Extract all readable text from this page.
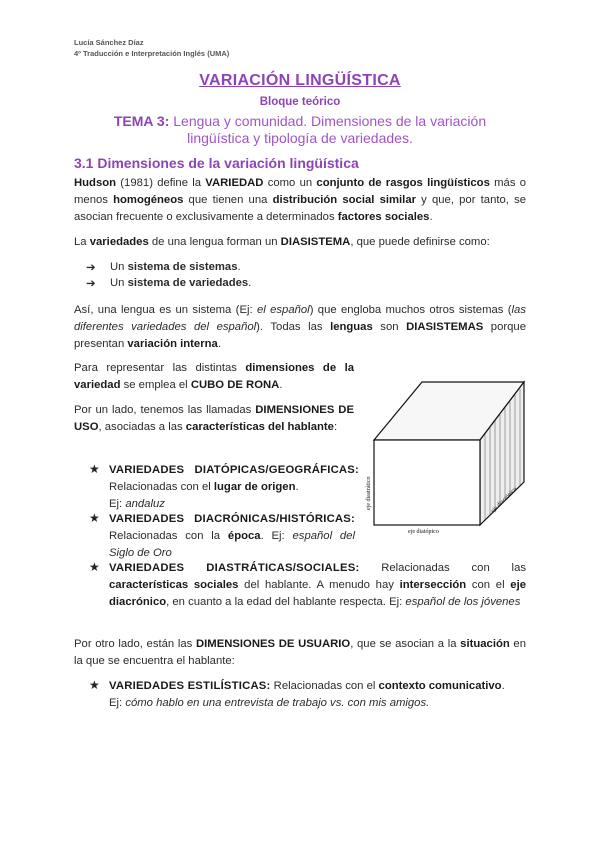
Lucía Sánchez Díaz
4º Traducción e Interpretación Inglés (UMA)
VARIACIÓN LINGÜÍSTICA
Bloque teórico
TEMA 3: Lengua y comunidad. Dimensiones de la variación
lingüística y tipología de variedades.
3.1 Dimensiones de la variación lingüística
Hudson (1981) define la VARIEDAD como un conjunto de rasgos lingüísticos más o menos homogéneos que tienen una distribución social similar y que, por tanto, se asocian frecuente o exclusivamente a determinados factores sociales.
La variedades de una lengua forman un DIASISTEMA, que puede definirse como:
➔ Un sistema de sistemas.
➔ Un sistema de variedades.
Así, una lengua es un sistema (Ej: el español) que engloba muchos otros sistemas (las diferentes variedades del español). Todas las lenguas son DIASISTEMAS porque presentan variación interna.
Para representar las distintas dimensiones de la variedad se emplea el CUBO DE RONA.
Por un lado, tenemos las llamadas DIMENSIONES DE USO, asociadas a las características del hablante:
eje diastrático
eje diatópico
eje diacrónico
★ VARIEDADES DIATÓPICAS/GEOGRÁFICAS: Relacionadas con el lugar de origen.
Ej: andaluz
★ VARIEDADES DIACRÓNICAS/HISTÓRICAS: Relacionadas con la época. Ej: español del Siglo de Oro
★ VARIEDADES DIASTRÁTICAS/SOCIALES: Relacionadas con las características sociales del hablante. A menudo hay intersección con el eje diacrónico, en cuanto a la edad del hablante respecta. Ej: español de los jóvenes
Por otro lado, están las DIMENSIONES DE USUARIO, que se asocian a la situación en la que se encuentra el hablante:
★ VARIEDADES ESTILÍSTICAS: Relacionadas con el contexto comunicativo.
Ej: cómo hablo en una entrevista de trabajo vs. con mis amigos.
